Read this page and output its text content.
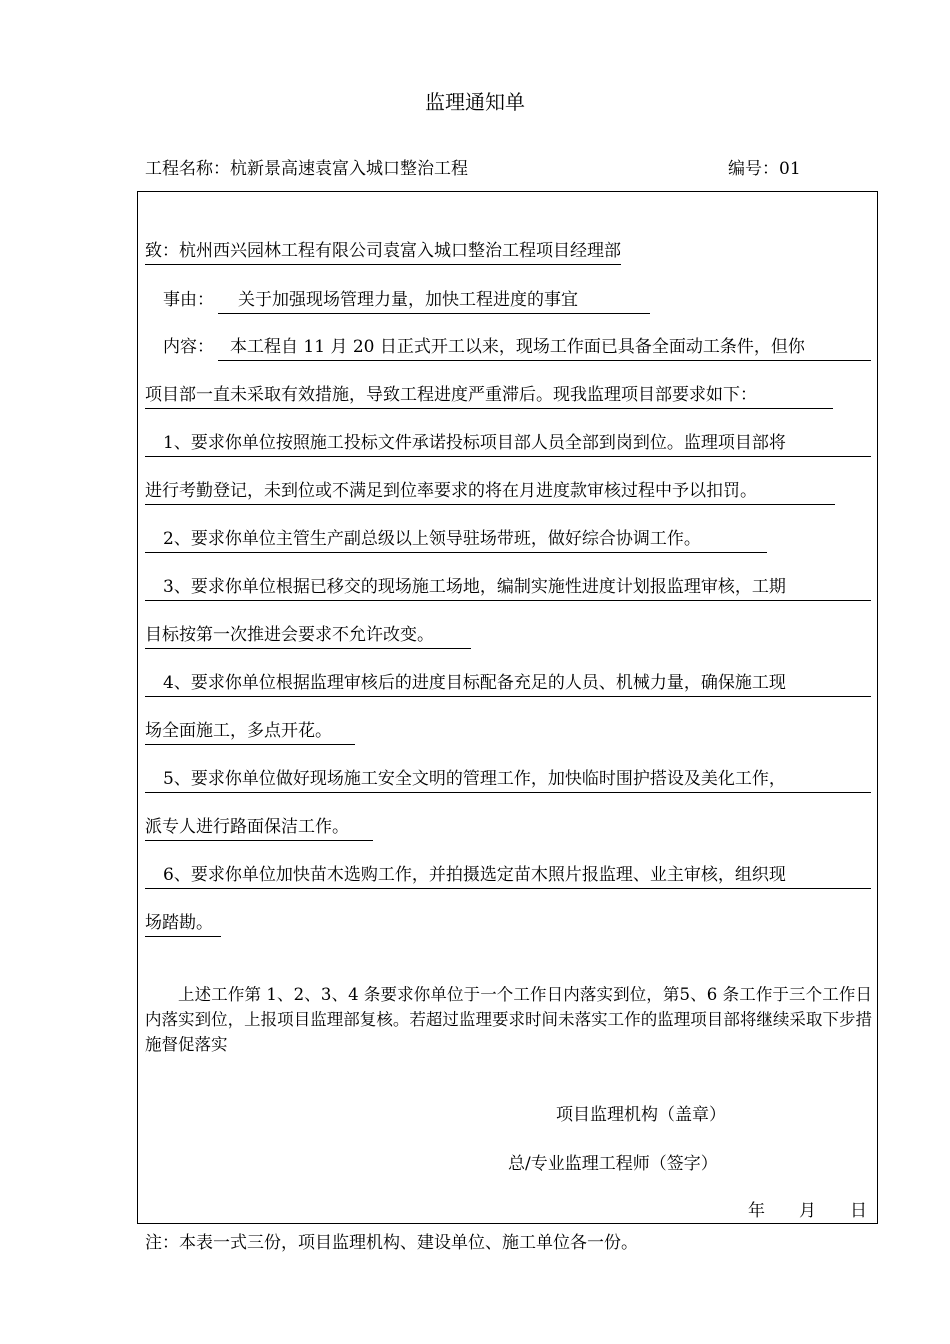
监理通知单
工程名称：杭新景高速袁富入城口整治工程	编号：01
致：杭州西兴园林工程有限公司袁富入城口整治工程项目经理部
事由：	关于加强现场管理力量，加快工程进度的事宜
内容： 本工程自 11 月 20 日正式开工以来，现场工作面已具备全面动工条件，但你
项目部一直未采取有效措施，导致工程进度严重滞后。现我监理项目部要求如下：
1、要求你单位按照施工投标文件承诺投标项目部人员全部到岗到位。监理项目部将
进行考勤登记，未到位或不满足到位率要求的将在月进度款审核过程中予以扣罚。
2、要求你单位主管生产副总级以上领导驻场带班，做好综合协调工作。
3、要求你单位根据已移交的现场施工场地，编制实施性进度计划报监理审核，工期
目标按第一次推进会要求不允许改变。
4、要求你单位根据监理审核后的进度目标配备充足的人员、机械力量，确保施工现
场全面施工，多点开花。
5、要求你单位做好现场施工安全文明的管理工作，加快临时围护搭设及美化工作，
派专人进行路面保洁工作。
6、要求你单位加快苗木选购工作，并拍摄选定苗木照片报监理、业主审核，组织现
场踏勘。

上述工作第 1、2、3、4 条要求你单位于一个工作日内落实到位，第5、6 条工作于三个工作日内落实到位，上报项目监理部复核。若超过监理要求时间未落实工作的监理项目部将继续采取下步措施督促落实

项目监理机构（盖章）
总/专业监理工程师（签字）
年　　月　　日
注：本表一式三份，项目监理机构、建设单位、施工单位各一份。
